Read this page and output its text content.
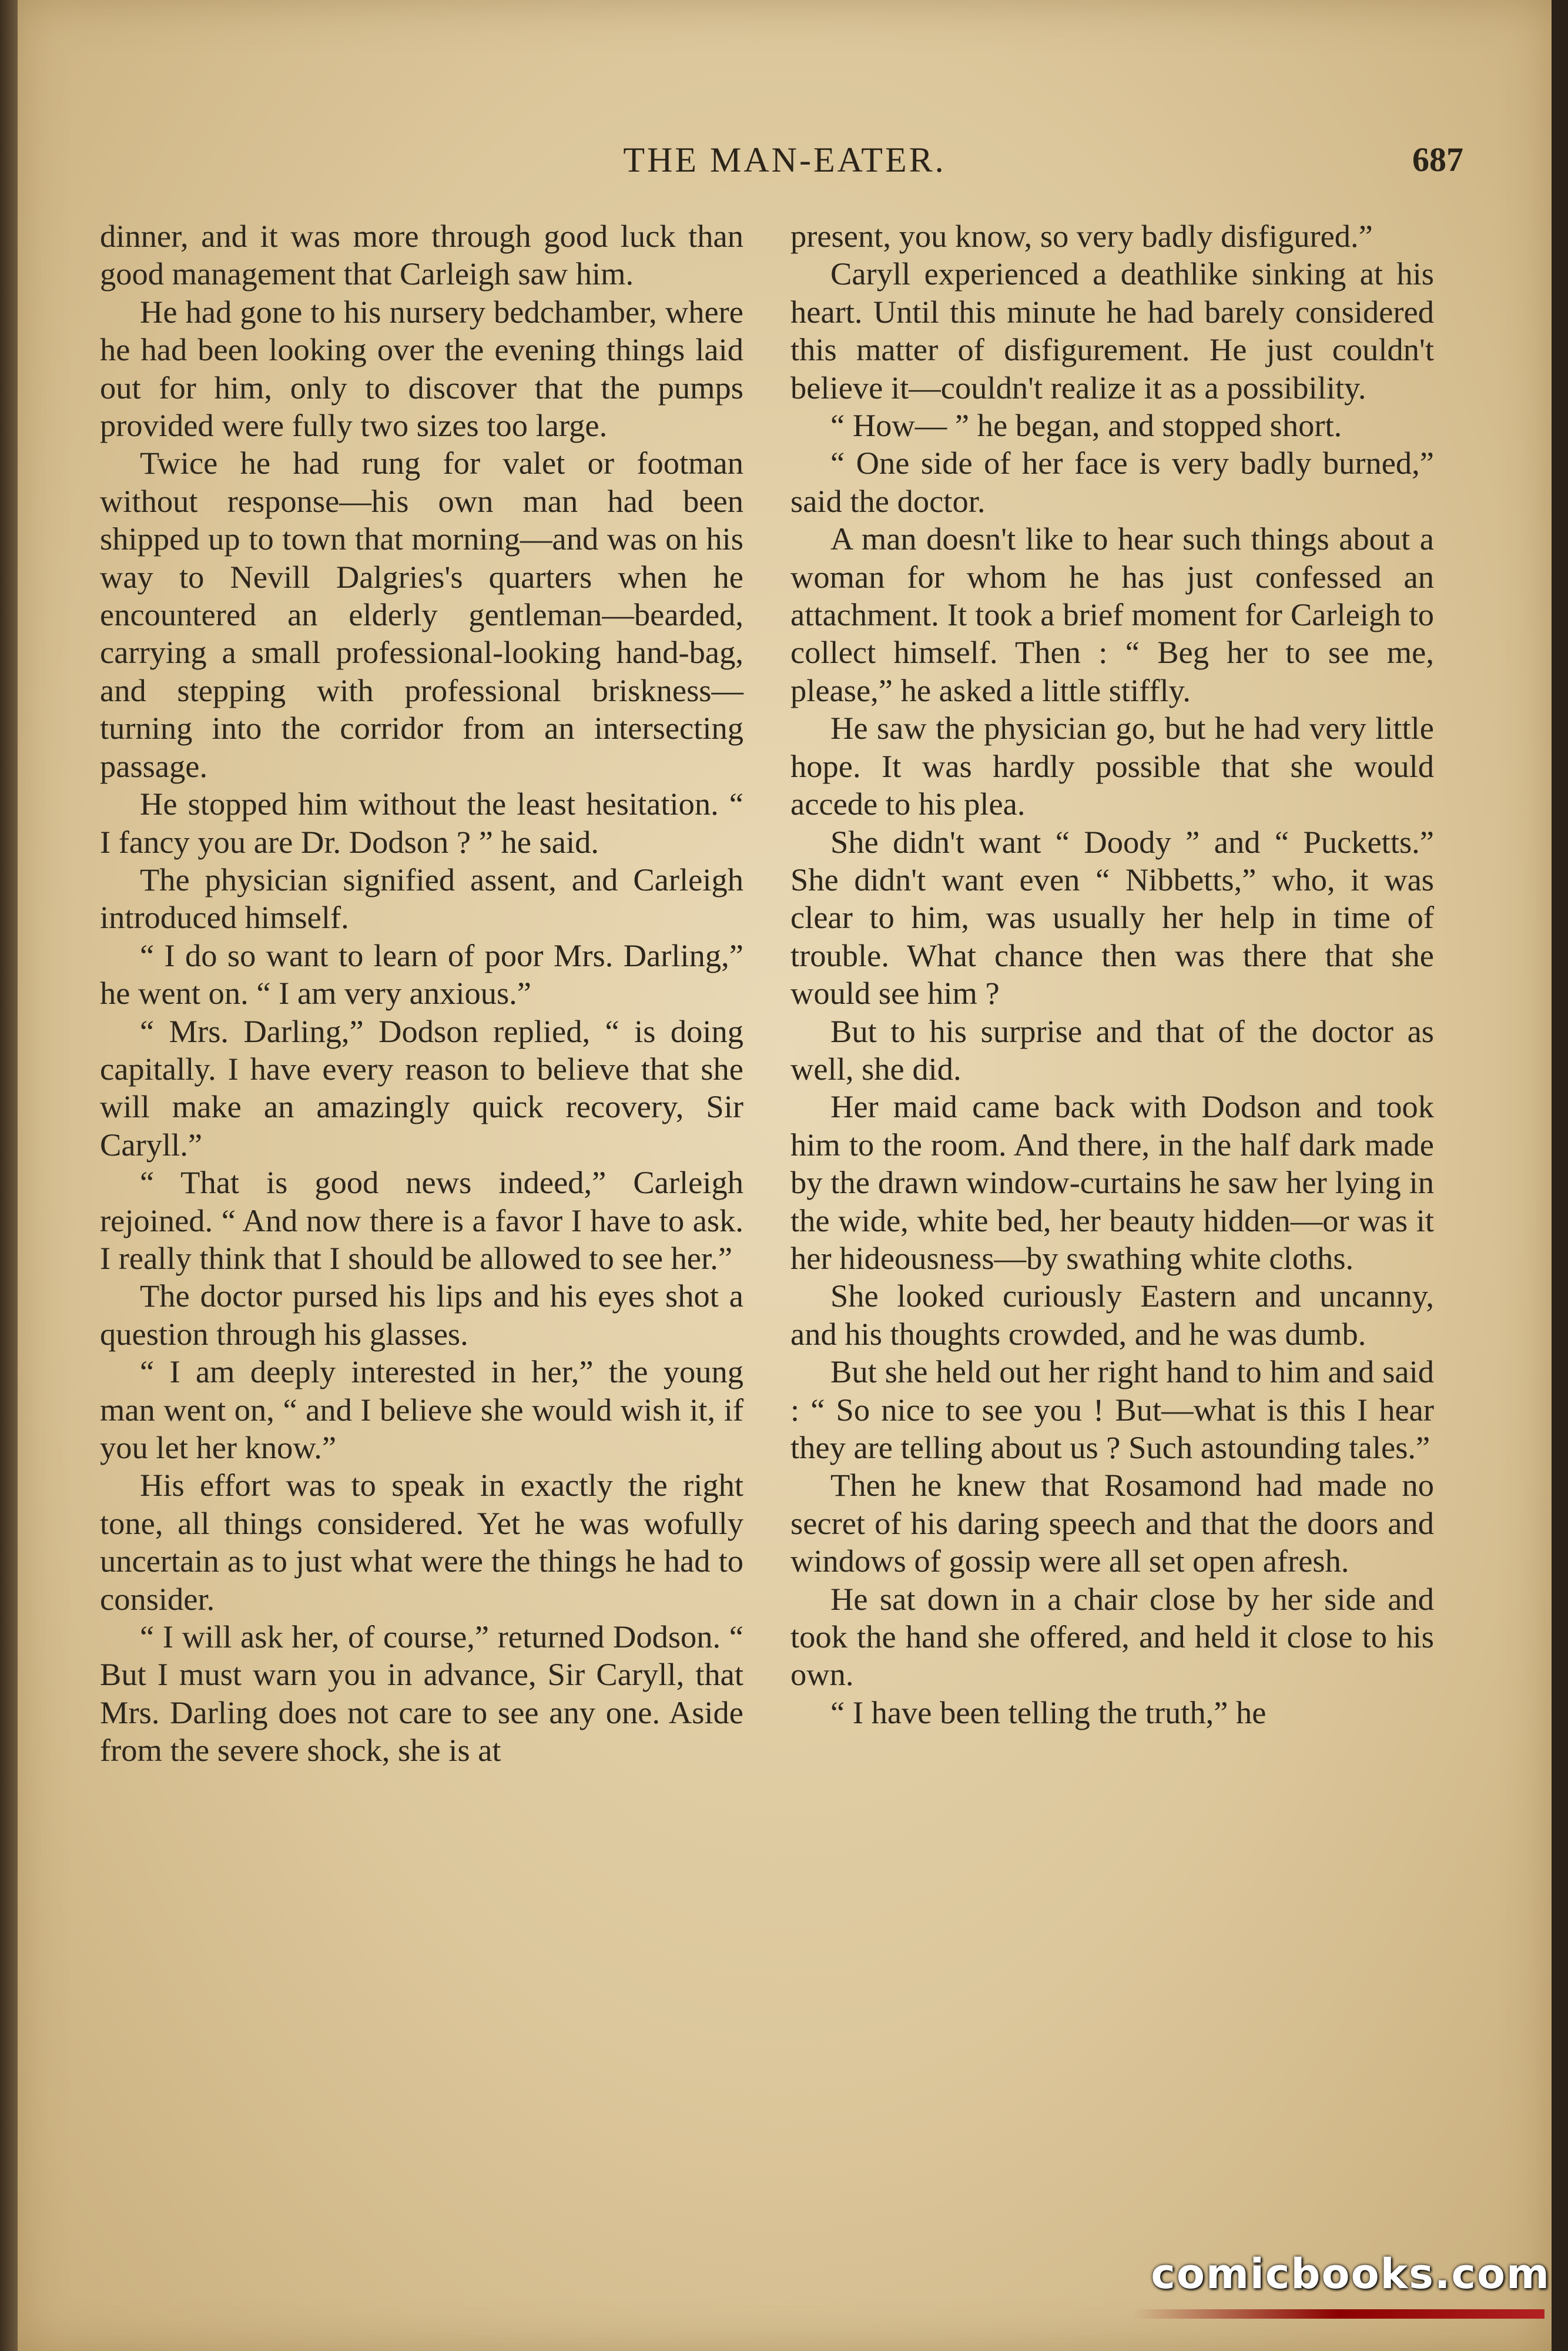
THE MAN-EATER.	687

dinner, and it was more through good luck than good management that Carleigh saw him.

He had gone to his nursery bedchamber, where he had been looking over the evening things laid out for him, only to discover that the pumps provided were fully two sizes too large.

Twice he had rung for valet or footman without response—his own man had been shipped up to town that morning—and was on his way to Nevill Dalgries's quarters when he encountered an elderly gentleman—bearded, carrying a small professional-looking hand-bag, and stepping with professional briskness—turning into the corridor from an intersecting passage.

He stopped him without the least hesitation. “ I fancy you are Dr. Dodson ? ” he said.

The physician signified assent, and Carleigh introduced himself.

“ I do so want to learn of poor Mrs. Darling,” he went on. “ I am very anxious.”

“ Mrs. Darling,” Dodson replied, “ is doing capitally. I have every reason to believe that she will make an amazingly quick recovery, Sir Caryll.”

“ That is good news indeed,” Carleigh rejoined. “ And now there is a favor I have to ask. I really think that I should be allowed to see her.”

The doctor pursed his lips and his eyes shot a question through his glasses.

“ I am deeply interested in her,” the young man went on, “ and I believe she would wish it, if you let her know.”

His effort was to speak in exactly the right tone, all things considered. Yet he was wofully uncertain as to just what were the things he had to consider.

“ I will ask her, of course,” returned Dodson. “ But I must warn you in advance, Sir Caryll, that Mrs. Darling does not care to see any one. Aside from the severe shock, she is at

present, you know, so very badly disfigured.”

Caryll experienced a deathlike sinking at his heart. Until this minute he had barely considered this matter of disfigurement. He just couldn't believe it—couldn't realize it as a possibility.

“ How— ” he began, and stopped short.

“ One side of her face is very badly burned,” said the doctor.

A man doesn't like to hear such things about a woman for whom he has just confessed an attachment. It took a brief moment for Carleigh to collect himself. Then : “ Beg her to see me, please,” he asked a little stiffly.

He saw the physician go, but he had very little hope. It was hardly possible that she would accede to his plea.

She didn't want “ Doody ” and “ Pucketts.” She didn't want even “ Nibbetts,” who, it was clear to him, was usually her help in time of trouble. What chance then was there that she would see him ?

But to his surprise and that of the doctor as well, she did.

Her maid came back with Dodson and took him to the room. And there, in the half dark made by the drawn window-curtains he saw her lying in the wide, white bed, her beauty hidden—or was it her hideousness—by swathing white cloths.

She looked curiously Eastern and uncanny, and his thoughts crowded, and he was dumb.

But she held out her right hand to him and said : “ So nice to see you ! But—what is this I hear they are telling about us ? Such astounding tales.”

Then he knew that Rosamond had made no secret of his daring speech and that the doors and windows of gossip were all set open afresh.

He sat down in a chair close by her side and took the hand she offered, and held it close to his own.

“ I have been telling the truth,” he

comicbooks.com
